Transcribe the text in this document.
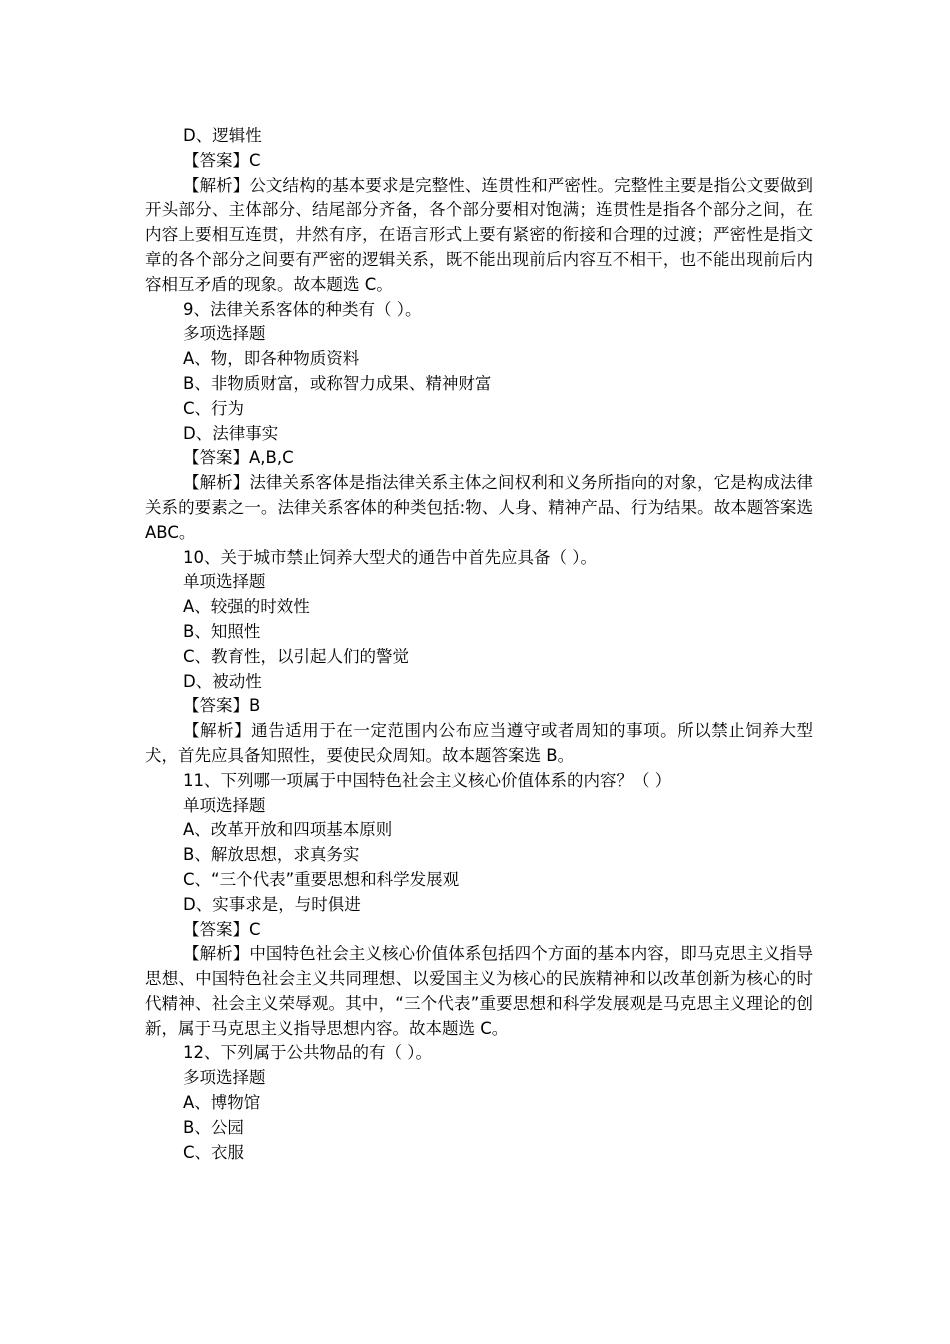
D、逻辑性
【答案】C
【解析】公文结构的基本要求是完整性、连贯性和严密性。完整性主要是指公文要做到开头部分、主体部分、结尾部分齐备，各个部分要相对饱满；连贯性是指各个部分之间，在内容上要相互连贯，井然有序，在语言形式上要有紧密的衔接和合理的过渡；严密性是指文章的各个部分之间要有严密的逻辑关系，既不能出现前后内容互不相干，也不能出现前后内容相互矛盾的现象。故本题选 C。
9、法律关系客体的种类有（ ）。
多项选择题
A、物，即各种物质资料
B、非物质财富，或称智力成果、精神财富
C、行为
D、法律事实
【答案】A,B,C
【解析】法律关系客体是指法律关系主体之间权利和义务所指向的对象，它是构成法律关系的要素之一。法律关系客体的种类包括:物、人身、精神产品、行为结果。故本题答案选 ABC。
10、关于城市禁止饲养大型犬的通告中首先应具备（ ）。
单项选择题
A、较强的时效性
B、知照性
C、教育性，以引起人们的警觉
D、被动性
【答案】B
【解析】通告适用于在一定范围内公布应当遵守或者周知的事项。所以禁止饲养大型犬，首先应具备知照性，要使民众周知。故本题答案选 B。
11、下列哪一项属于中国特色社会主义核心价值体系的内容？（ ）
单项选择题
A、改革开放和四项基本原则
B、解放思想，求真务实
C、“三个代表”重要思想和科学发展观
D、实事求是，与时俱进
【答案】C
【解析】中国特色社会主义核心价值体系包括四个方面的基本内容，即马克思主义指导思想、中国特色社会主义共同理想、以爱国主义为核心的民族精神和以改革创新为核心的时代精神、社会主义荣辱观。其中，“三个代表”重要思想和科学发展观是马克思主义理论的创新，属于马克思主义指导思想内容。故本题选 C。
12、下列属于公共物品的有（ ）。
多项选择题
A、博物馆
B、公园
C、衣服
